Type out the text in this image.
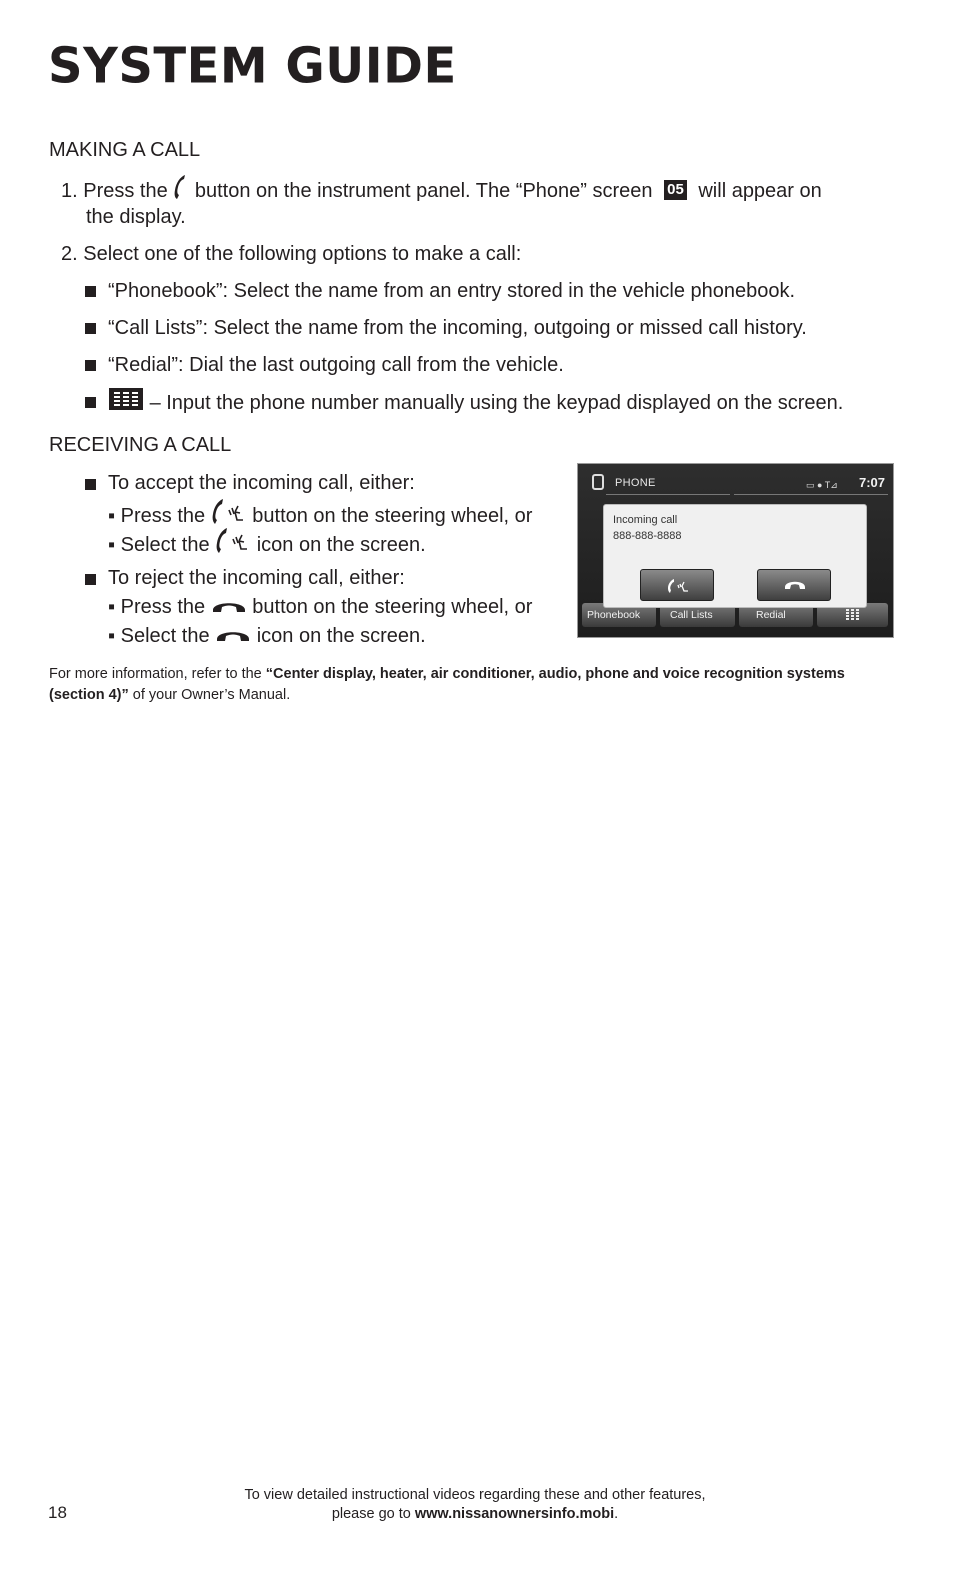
SYSTEM GUIDE
MAKING A CALL
1. Press the button on the instrument panel. The “Phone” screen 05 will appear on
the display.
2. Select one of the following options to make a call:
“Phonebook”: Select the name from an entry stored in the vehicle phonebook.
“Call Lists”: Select the name from the incoming, outgoing or missed call history.
“Redial”: Dial the last outgoing call from the vehicle.
– Input the phone number manually using the keypad displayed on the screen.
RECEIVING A CALL
To accept the incoming call, either:
▪ Press the button on the steering wheel, or
▪ Select the icon on the screen.
To reject the incoming call, either:
▪ Press the button on the steering wheel, or
▪ Select the icon on the screen.
PHONE	▭ ● T⊿ 7:07
Phonebook	Call Lists	Redial
Incoming call
888-888-8888
For more information, refer to the “Center display, heater, air conditioner, audio, phone and voice recognition systems (section 4)” of your Owner’s Manual.
18
To view detailed instructional videos regarding these and other features,
please go to www.nissanownersinfo.mobi.
